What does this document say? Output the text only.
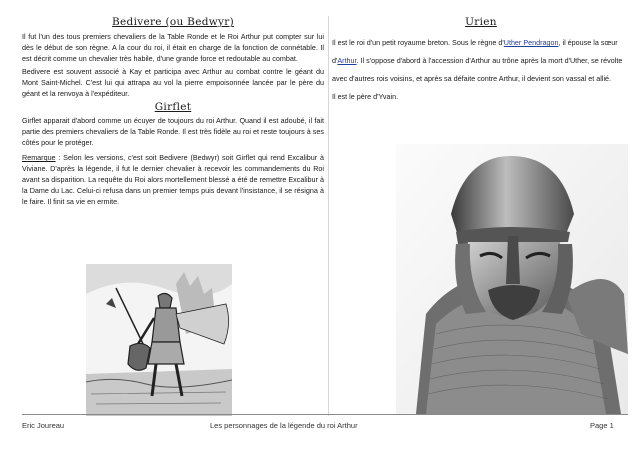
Bedivere (ou Bedwyr)

Il fut l'un des tous premiers chevaliers de la Table Ronde et le Roi Arthur put compter sur lui dès le début de son règne. A la cour du roi, il était en charge de la fonction de connétable. Il est décrit comme un chevalier très habile, d'une grande force et redoutable au combat.

Bedivere est souvent associé à Kay et participa avec Arthur au combat contre le géant du Mont Saint-Michel. C'est lui qui attrapa au vol la pierre empoisonnée lancée par le père du géant et la renvoya à l'expéditeur.

Girflet

Girflet apparait d'abord comme un écuyer de toujours du roi Arthur. Quand il est adoubé, il fait partie des premiers chevaliers de la Table Ronde. Il est très fidèle au roi et reste toujours à ses côtés pour le protéger.

Remarque : Selon les versions, c'est soit Bedivere (Bedwyr) soit Girflet qui rend Excalibur à Viviane. D'après la légende, il fut le dernier chevalier à recevoir les commandements du Roi avant sa disparition. La requête du Roi alors mortellement blessé a été de remettre Excalibur à la Dame du Lac. Celui-ci refusa dans un premier temps puis devant l'insistance, il se résigna à le faire. Il finit sa vie en ermite.

Urien

Il est le roi d'un petit royaume breton. Sous le règne d'Uther Pendragon, il épouse la sœur d'Arthur. Il s'oppose d'abord à l'accession d'Arthur au trône après la mort d'Uther, se révolte avec d'autres rois voisins, et après sa défaite contre Arthur, il devient son vassal et allié.

Il est le père d'Yvain.

Eric Joureau	Les personnages de la légende du roi Arthur	Page 1
